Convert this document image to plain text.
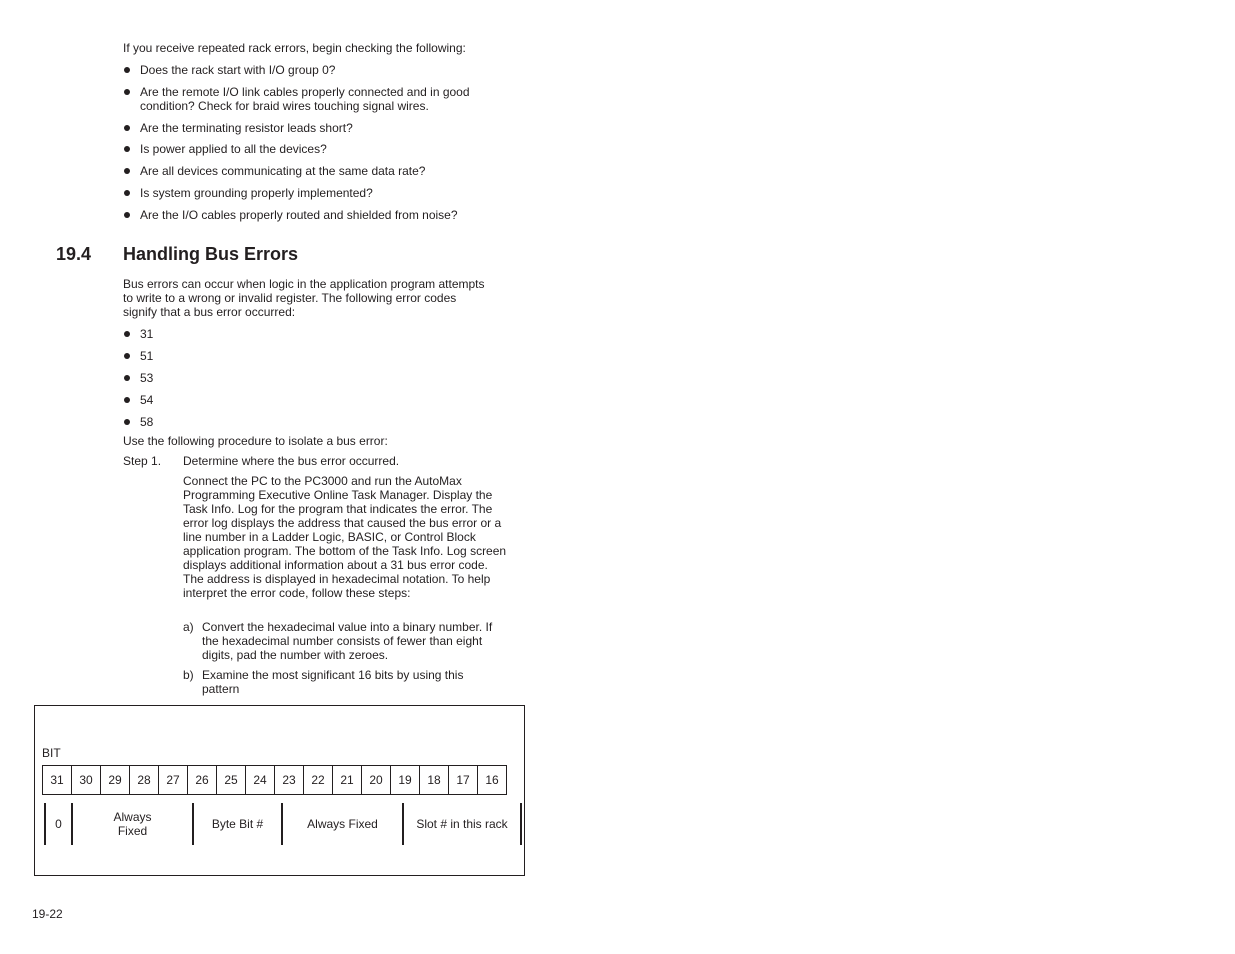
If you receive repeated rack errors, begin checking the following:
Does the rack start with I/O group 0?
Are the remote I/O link cables properly connected and in good condition? Check for braid wires touching signal wires.
Are the terminating resistor leads short?
Is power applied to all the devices?
Are all devices communicating at the same data rate?
Is system grounding properly implemented?
Are the I/O cables properly routed and shielded from noise?
19.4 Handling Bus Errors
Bus errors can occur when logic in the application program attempts to write to a wrong or invalid register. The following error codes signify that a bus error occurred:
31
51
53
54
58
Use the following procedure to isolate a bus error:
Step 1. Determine where the bus error occurred.
Connect the PC to the PC3000 and run the AutoMax Programming Executive Online Task Manager. Display the Task Info. Log for the program that indicates the error. The error log displays the address that caused the bus error or a line number in a Ladder Logic, BASIC, or Control Block application program. The bottom of the Task Info. Log screen displays additional information about a 31 bus error code. The address is displayed in hexadecimal notation. To help interpret the error code, follow these steps:
a) Convert the hexadecimal value into a binary number. If the hexadecimal number consists of fewer than eight digits, pad the number with zeroes.
b) Examine the most significant 16 bits by using this pattern
BIT
31	30	29	28	27	26	25	24	23	22	21	20	19	18	17	16
0	Always Fixed	Byte Bit #	Always Fixed	Slot # in this rack
19-22
